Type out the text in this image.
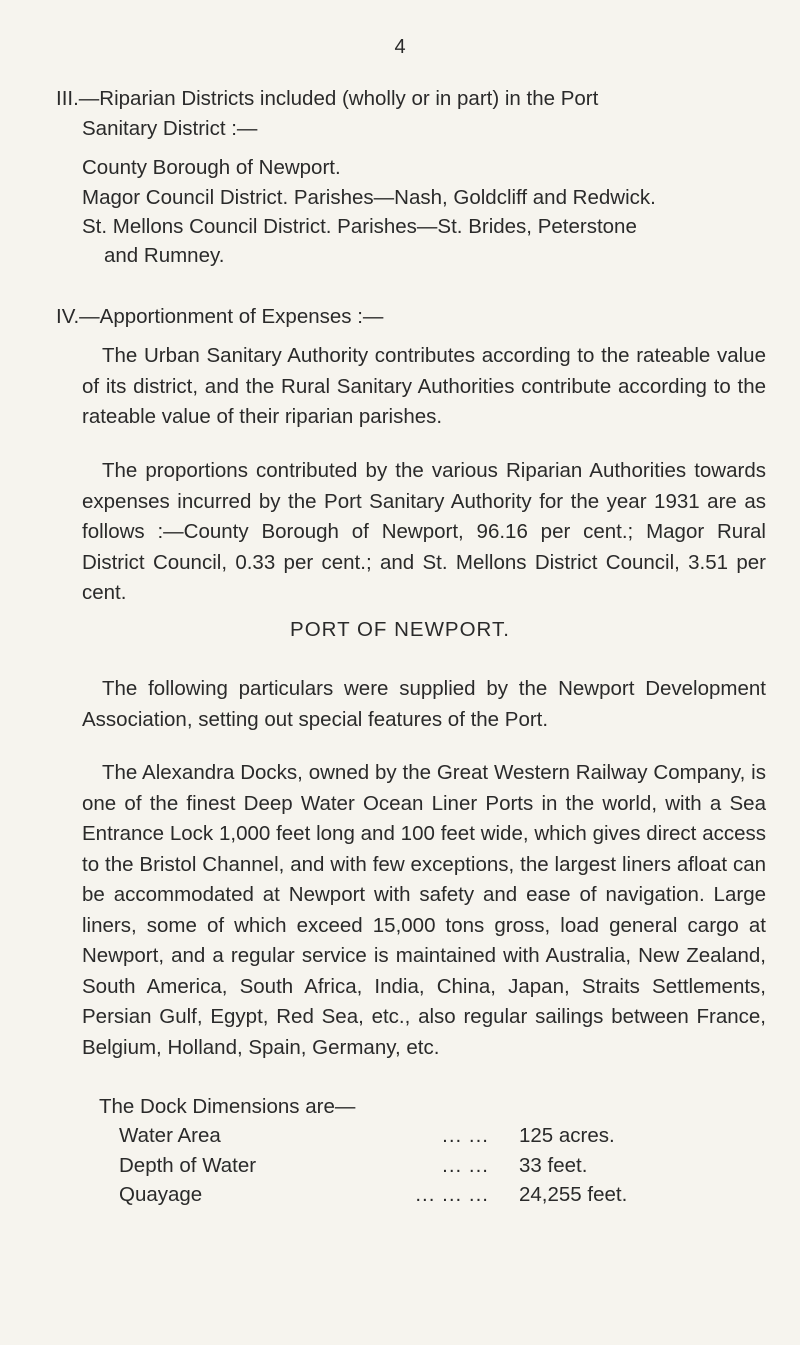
4
III.—Riparian Districts included (wholly or in part) in the Port
Sanitary District :—
County Borough of Newport.
Magor Council District. Parishes—Nash, Goldcliff and Redwick.
St. Mellons Council District. Parishes—St. Brides, Peterstone
and Rumney.
IV.—Apportionment of Expenses :—
The Urban Sanitary Authority contributes according to the rateable value of its district, and the Rural Sanitary Authorities contribute according to the rateable value of their riparian parishes.
The proportions contributed by the various Riparian Authorities towards expenses incurred by the Port Sanitary Authority for the year 1931 are as follows :—County Borough of Newport, 96.16 per cent.; Magor Rural District Council, 0.33 per cent.; and St. Mellons District Council, 3.51 per cent.
PORT OF NEWPORT.
The following particulars were supplied by the Newport Development Association, setting out special features of the Port.
The Alexandra Docks, owned by the Great Western Railway Company, is one of the finest Deep Water Ocean Liner Ports in the world, with a Sea Entrance Lock 1,000 feet long and 100 feet wide, which gives direct access to the Bristol Channel, and with few exceptions, the largest liners afloat can be accommodated at Newport with safety and ease of navigation. Large liners, some of which exceed 15,000 tons gross, load general cargo at Newport, and a regular service is maintained with Australia, New Zealand, South America, South Africa, India, China, Japan, Straits Settlements, Persian Gulf, Egypt, Red Sea, etc., also regular sailings between France, Belgium, Holland, Spain, Germany, etc.
The Dock Dimensions are—
Water Area	... ... 125 acres.
Depth of Water	... ... 33 feet.
Quayage	... ... ... 24,255 feet.
